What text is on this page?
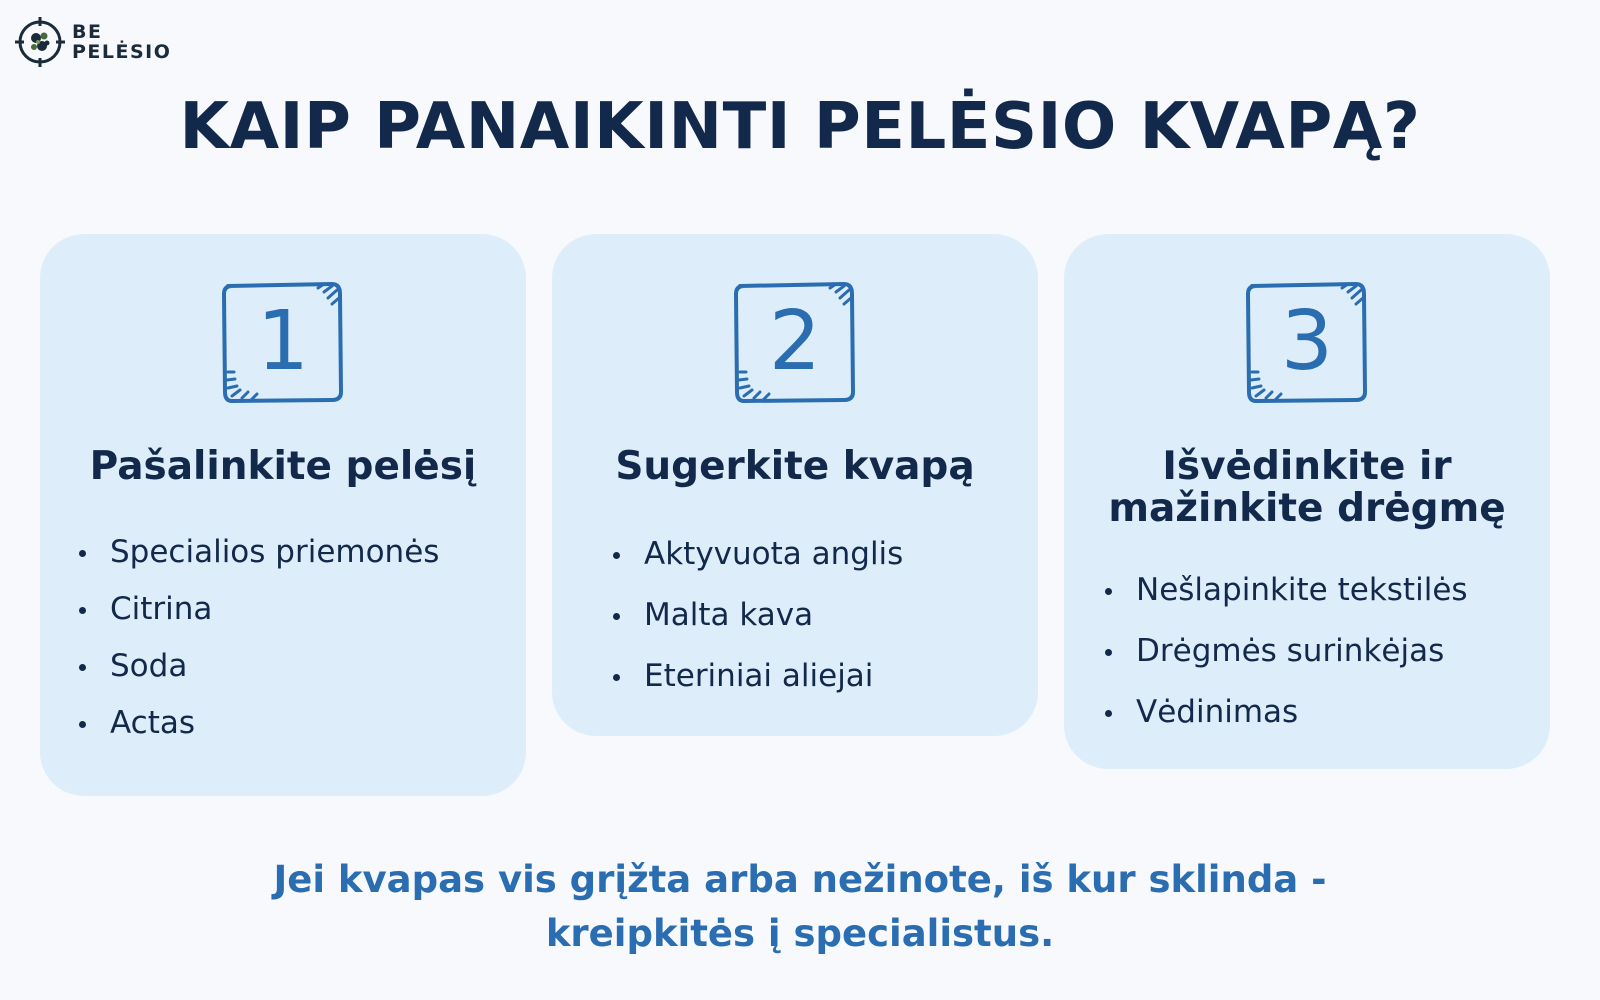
BE
PELĖSIO
KAIP PANAIKINTI PELĖSIO KVAPĄ?
1
Pašalinkite pelėsį
Specialios priemonės
Citrina
Soda
Actas
2
Sugerkite kvapą
Aktyvuota anglis
Malta kava
Eteriniai aliejai
3
Išvėdinkite ir
mažinkite drėgmę
Nešlapinkite tekstilės
Drėgmės surinkėjas
Vėdinimas
Jei kvapas vis grįžta arba nežinote, iš kur sklinda -
kreipkitės į specialistus.
